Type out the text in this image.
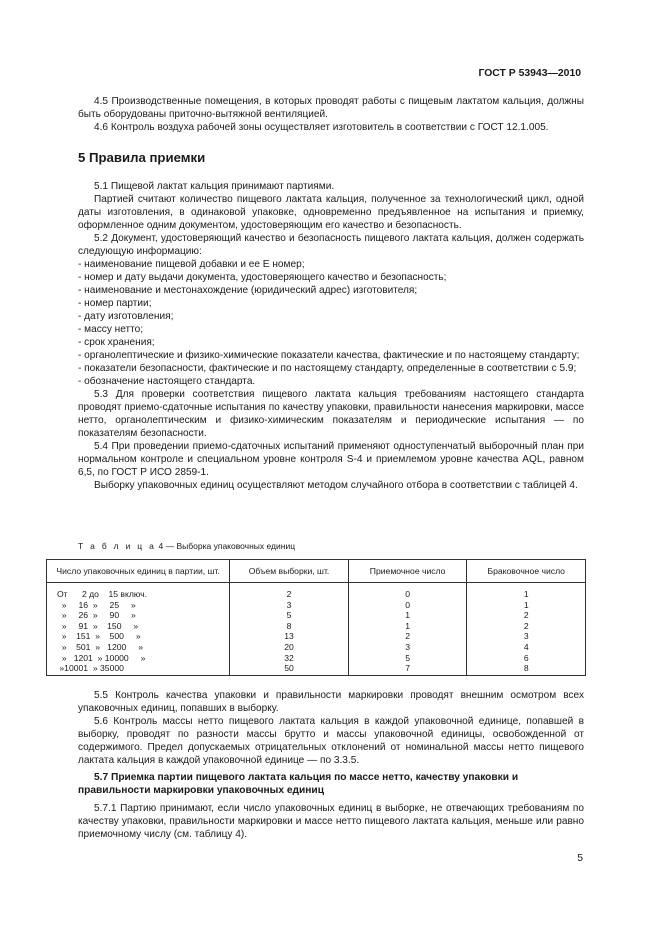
ГОСТ Р 53943—2010

4.5 Производственные помещения, в которых проводят работы с пищевым лактатом кальция, должны быть оборудованы приточно-вытяжной вентиляцией.

4.6 Контроль воздуха рабочей зоны осуществляет изготовитель в соответствии с ГОСТ 12.1.005.

5 Правила приемки

5.1 Пищевой лактат кальция принимают партиями.

Партией считают количество пищевого лактата кальция, полученное за технологический цикл, одной даты изготовления, в одинаковой упаковке, одновременно предъявленное на испытания и приемку, оформленное одним документом, удостоверяющим его качество и безопасность.

5.2 Документ, удостоверяющий качество и безопасность пищевого лактата кальция, должен содержать следующую информацию:

- наименование пищевой добавки и ее Е номер;

- номер и дату выдачи документа, удостоверяющего качество и безопасность;

- наименование и местонахождение (юридический адрес) изготовителя;

- номер партии;

- дату изготовления;

- массу нетто;

- срок хранения;

- органолептические и физико-химические показатели качества, фактические и по настоящему стандарту;

- показатели безопасности, фактические и по настоящему стандарту, определенные в соответствии с 5.9;

- обозначение настоящего стандарта.

5.3 Для проверки соответствия пищевого лактата кальция требованиям настоящего стандарта проводят приемо-сдаточные испытания по качеству упаковки, правильности нанесения маркировки, массе нетто, органолептическим и физико-химическим показателям и периодические испытания — по показателям безопасности.

5.4 При проведении приемо-сдаточных испытаний применяют одноступенчатый выборочный план при нормальном контроле и специальном уровне контроля S-4 и приемлемом уровне качества AQL, равном 6,5, по ГОСТ Р ИСО 2859-1.

Выборку упаковочных единиц осуществляют методом случайного отбора в соответствии с таблицей 4.

Т а б л и ц а 4 — Выборка упаковочных единиц
Число упаковочных единиц в партии, шт.	Объем выборки, шт.	Приемочное число	Браковочное число
От      2 до    15 включ.	2	0	1
»     16  »     25     »	3	0	1
»     26  »     90     »	5	1	2
»     91  »    150     »	8	1	2
»    151  »    500     »	13	2	3
»    501  »   1200     »	20	3	4
»   1201  » 10000     »	32	5	6
»10001  » 35000	50	7	8

5.5 Контроль качества упаковки и правильности маркировки проводят внешним осмотром всех упаковочных единиц, попавших в выборку.

5.6 Контроль массы нетто пищевого лактата кальция в каждой упаковочной единице, попавшей в выборку, проводят по разности массы брутто и массы упаковочной единицы, освобожденной от содержимого. Предел допускаемых отрицательных отклонений от номинальной массы нетто пищевого лактата кальция в каждой упаковочной единице — по 3.3.5.

5.7 Приемка партии пищевого лактата кальция по массе нетто, качеству упаковки и правильности маркировки упаковочных единиц

5.7.1 Партию принимают, если число упаковочных единиц в выборке, не отвечающих требованиям по качеству упаковки, правильности маркировки и массе нетто пищевого лактата кальция, меньше или равно приемочному числу (см. таблицу 4).

5
